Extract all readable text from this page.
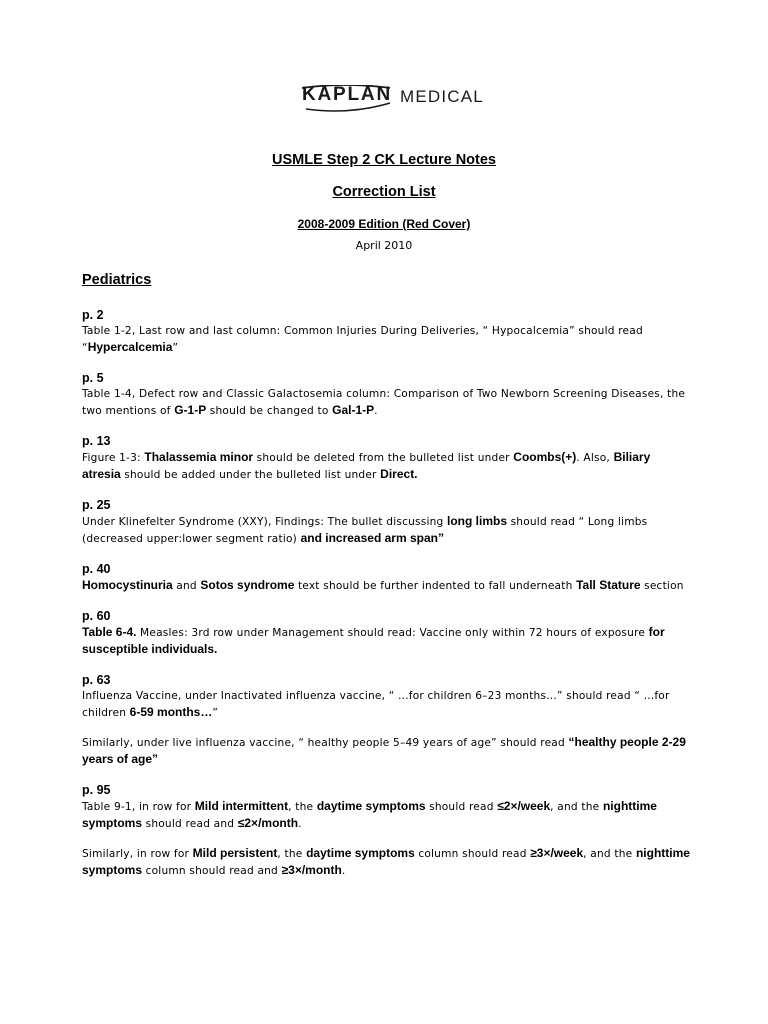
KAPLAN MEDICAL
USMLE Step 2 CK Lecture Notes
Correction List
2008-2009 Edition (Red Cover)
April 2010
Pediatrics
p. 2
Table 1-2, Last row and last column: Common Injuries During Deliveries, “ Hypocalcemia” should read “Hypercalcemia”
p. 5
Table 1-4, Defect row and Classic Galactosemia column: Comparison of Two Newborn Screening Diseases, the two mentions of G-1-P should be changed to Gal-1-P.
p. 13
Figure 1-3: Thalassemia minor should be deleted from the bulleted list under Coombs(+). Also, Biliary atresia should be added under the bulleted list under Direct.
p. 25
Under Klinefelter Syndrome (XXY), Findings: The bullet discussing long limbs should read “ Long limbs (decreased upper:lower segment ratio) and increased arm span”
p. 40
Homocystinuria and Sotos syndrome text should be further indented to fall underneath Tall Stature section
p. 60
Table 6-4. Measles: 3rd row under Management should read: Vaccine only within 72 hours of exposure for susceptible individuals.
p. 63
Influenza Vaccine, under Inactivated influenza vaccine, “ …for children 6–23 months…” should read “ …for children 6-59 months…”
Similarly, under live influenza vaccine, “ healthy people 5–49 years of age” should read “healthy people 2-29 years of age”
p. 95
Table 9-1, in row for Mild intermittent, the daytime symptoms should read ≤2×/week, and the nighttime symptoms should read and ≤2×/month.
Similarly, in row for Mild persistent, the daytime symptoms column should read ≥3×/week, and the nighttime symptoms column should read and ≥3×/month.
